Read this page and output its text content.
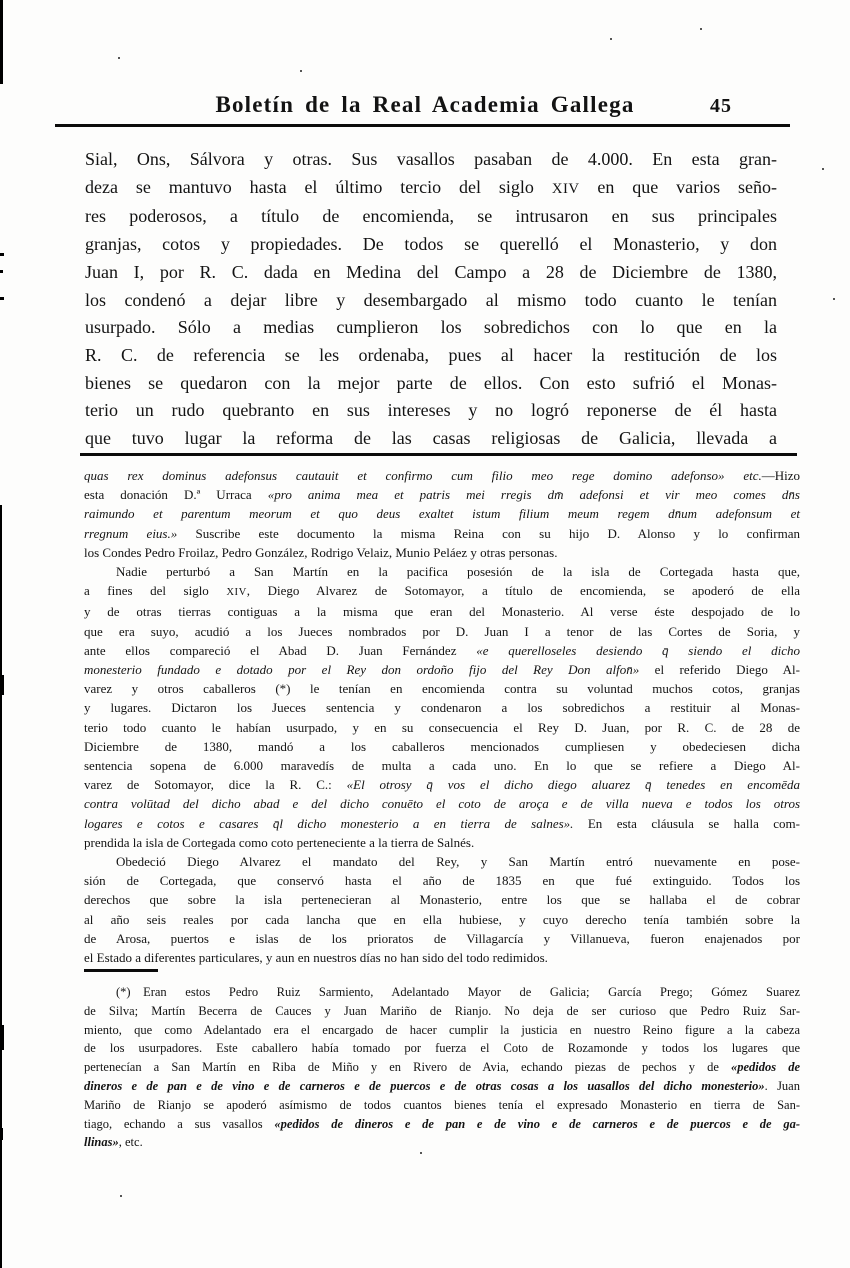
Boletín de la Real Academia Gallega	45
Sial, Ons, Sálvora y otras. Sus vasallos pasaban de 4.000. En esta gran-
deza se mantuvo hasta el último tercio del siglo XIV en que varios seño-
res poderosos, a título de encomienda, se intrusaron en sus principales
granjas, cotos y propiedades. De todos se querelló el Monasterio, y don
Juan I, por R. C. dada en Medina del Campo a 28 de Diciembre de 1380,
los condenó a dejar libre y desembargado al mismo todo cuanto le tenían
usurpado. Sólo a medias cumplieron los sobredichos con lo que en la
R. C. de referencia se les ordenaba, pues al hacer la restitución de los
bienes se quedaron con la mejor parte de ellos. Con esto sufrió el Monas-
terio un rudo quebranto en sus intereses y no logró reponerse de él hasta
que tuvo lugar la reforma de las casas religiosas de Galicia, llevada a
quas rex dominus adefonsus cautauit et confirmo cum filio meo rege domino adefonso» etc.—Hizo
esta donación D.ª Urraca «pro anima mea et patris mei rregis dm̄ adefonsi et vir meo comes dn̄s
raimundo et parentum meorum et quo deus exaltet istum filium meum regem dn̄um adefonsum et
rregnum eius.» Suscribe este documento la misma Reina con su hijo D. Alonso y lo confirman
los Condes Pedro Froilaz, Pedro González, Rodrigo Velaiz, Munio Peláez y otras personas.
Nadie perturbó a San Martín en la pacifica posesión de la isla de Cortegada hasta que,
a fines del siglo XIV, Diego Alvarez de Sotomayor, a título de encomienda, se apoderó de ella
y de otras tierras contiguas a la misma que eran del Monasterio. Al verse éste despojado de lo
que era suyo, acudió a los Jueces nombrados por D. Juan I a tenor de las Cortes de Soria, y
ante ellos compareció el Abad D. Juan Fernández «e querelloseles desiendo q̄ siendo el dicho
monesterio fundado e dotado por el Rey don ordoño fijo del Rey Don alfon̄» el referido Diego Al-
varez y otros caballeros (*) le tenían en encomienda contra su voluntad muchos cotos, granjas
y lugares. Dictaron los Jueces sentencia y condenaron a los sobredichos a restituir al Monas-
terio todo cuanto le habían usurpado, y en su consecuencia el Rey D. Juan, por R. C. de 28 de
Diciembre de 1380, mandó a los caballeros mencionados cumpliesen y obedeciesen dicha
sentencia sopena de 6.000 maravedís de multa a cada uno. En lo que se refiere a Diego Al-
varez de Sotomayor, dice la R. C.: «El otrosy q̄ vos el dicho diego aluarez q̄ tenedes en encomēda
contra volūtad del dicho abad e del dicho conuēto el coto de aroça e de villa nueva e todos los otros
logares e cotos e casares q̄l dicho monesterio a en tierra de salnes». En esta cláusula se halla com-
prendida la isla de Cortegada como coto perteneciente a la tierra de Salnés.
Obedeció Diego Alvarez el mandato del Rey, y San Martín entró nuevamente en pose-
sión de Cortegada, que conservó hasta el año de 1835 en que fué extinguido. Todos los
derechos que sobre la isla pertenecieran al Monasterio, entre los que se hallaba el de cobrar
al año seis reales por cada lancha que en ella hubiese, y cuyo derecho tenía también sobre la
de Arosa, puertos e islas de los prioratos de Villagarcía y Villanueva, fueron enajenados por
el Estado a diferentes particulares, y aun en nuestros días no han sido del todo redimidos.
(*) Eran estos Pedro Ruiz Sarmiento, Adelantado Mayor de Galicia; García Prego; Gómez Suarez
de Silva; Martín Becerra de Cauces y Juan Mariño de Rianjo. No deja de ser curioso que Pedro Ruiz Sar-
miento, que como Adelantado era el encargado de hacer cumplir la justicia en nuestro Reino figure a la cabeza
de los usurpadores. Este caballero había tomado por fuerza el Coto de Rozamonde y todos los lugares que
pertenecían a San Martín en Riba de Miño y en Rivero de Avia, echando piezas de pechos y de «pedidos de
dineros e de pan e de vino e de carneros e de puercos e de otras cosas a los uasallos del dicho monesterio». Juan
Mariño de Rianjo se apoderó asímismo de todos cuantos bienes tenía el expresado Monasterio en tierra de San-
tiago, echando a sus vasallos «pedidos de dineros e de pan e de vino e de carneros e de puercos e de ga-
llinas», etc.
